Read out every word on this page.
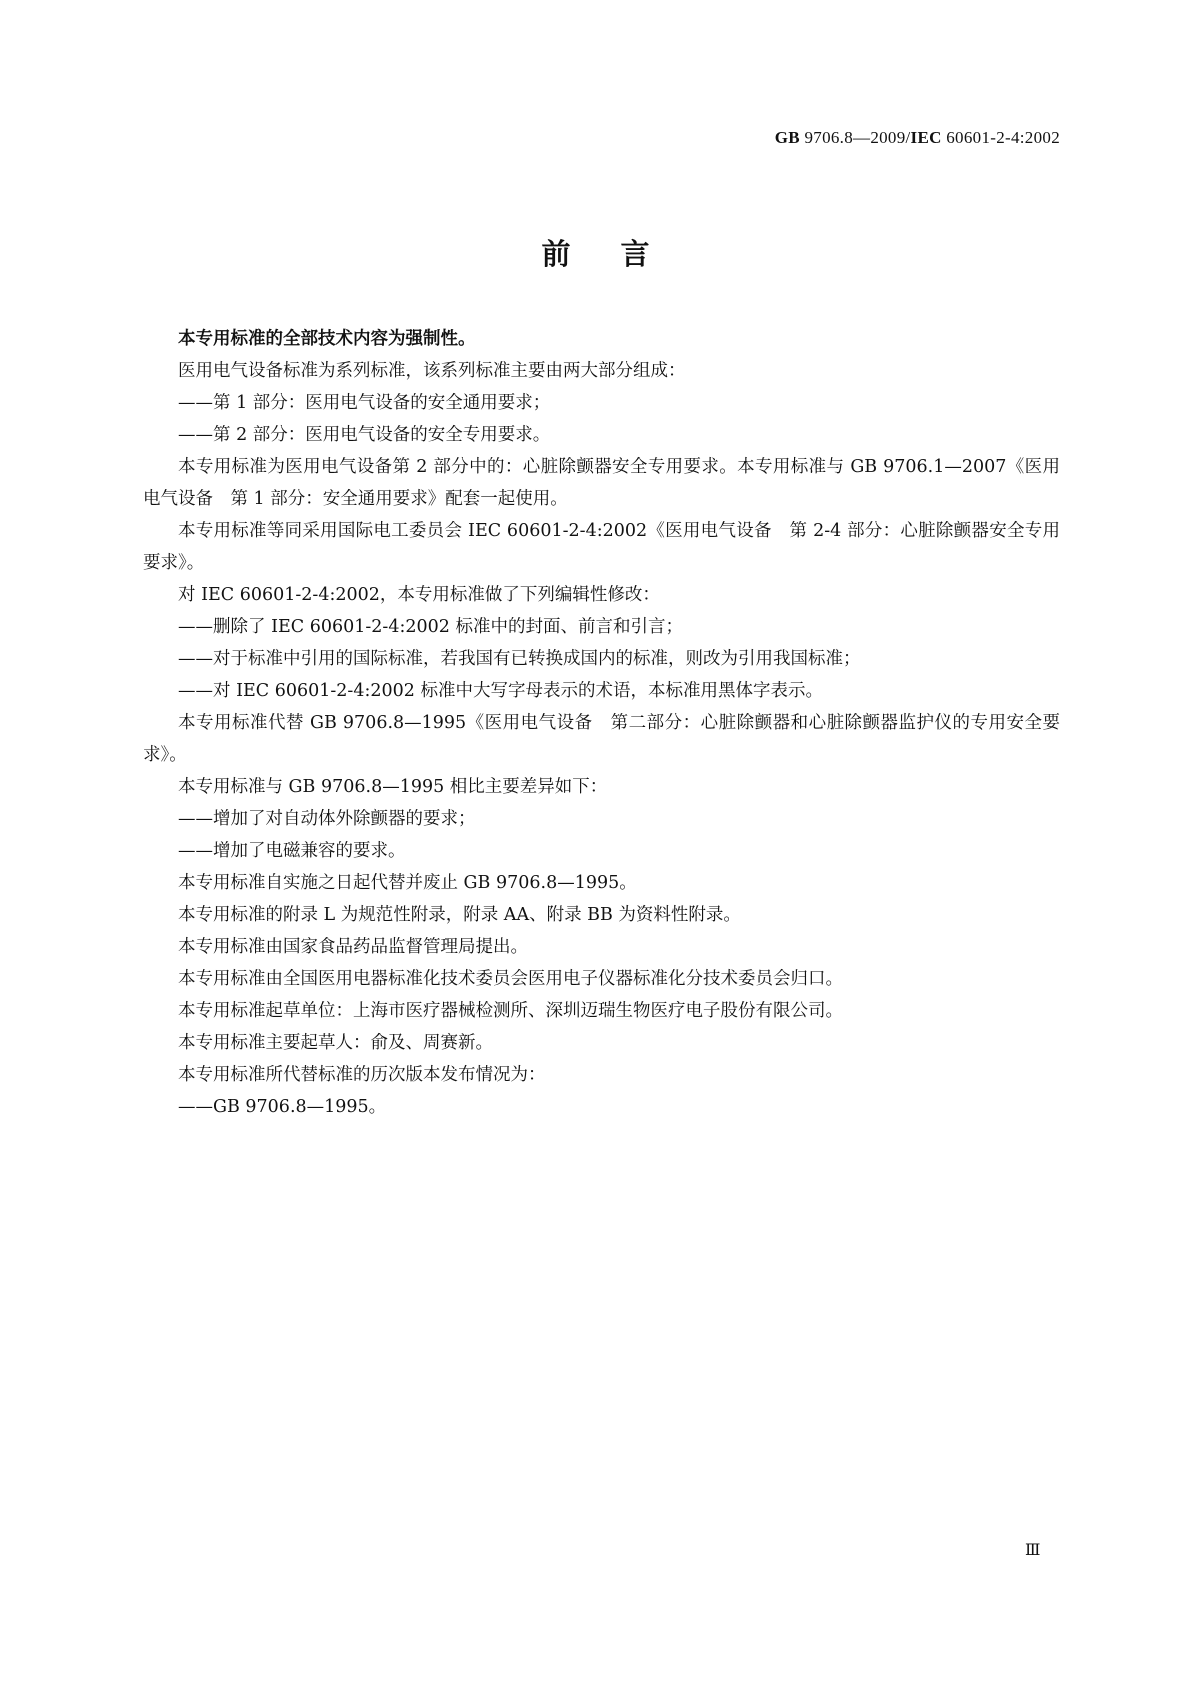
GB 9706.8—2009/IEC 60601-2-4:2002
前言

本专用标准的全部技术内容为强制性。

医用电气设备标准为系列标准，该系列标准主要由两大部分组成：

——第 1 部分：医用电气设备的安全通用要求；

——第 2 部分：医用电气设备的安全专用要求。

本专用标准为医用电气设备第 2 部分中的：心脏除颤器安全专用要求。本专用标准与 GB 9706.1—2007《医用电气设备　第 1 部分：安全通用要求》配套一起使用。

本专用标准等同采用国际电工委员会 IEC 60601-2-4:2002《医用电气设备　第 2-4 部分：心脏除颤器安全专用要求》。

对 IEC 60601-2-4:2002，本专用标准做了下列编辑性修改：

——删除了 IEC 60601-2-4:2002 标准中的封面、前言和引言；

——对于标准中引用的国际标准，若我国有已转换成国内的标准，则改为引用我国标准；

——对 IEC 60601-2-4:2002 标准中大写字母表示的术语，本标准用黑体字表示。

本专用标准代替 GB 9706.8—1995《医用电气设备　第二部分：心脏除颤器和心脏除颤器监护仪的专用安全要求》。

本专用标准与 GB 9706.8—1995 相比主要差异如下：

——增加了对自动体外除颤器的要求；

——增加了电磁兼容的要求。

本专用标准自实施之日起代替并废止 GB 9706.8—1995。

本专用标准的附录 L 为规范性附录，附录 AA、附录 BB 为资料性附录。

本专用标准由国家食品药品监督管理局提出。

本专用标准由全国医用电器标准化技术委员会医用电子仪器标准化分技术委员会归口。

本专用标准起草单位：上海市医疗器械检测所、深圳迈瑞生物医疗电子股份有限公司。

本专用标准主要起草人：俞及、周赛新。

本专用标准所代替标准的历次版本发布情况为：

——GB 9706.8—1995。

Ⅲ
